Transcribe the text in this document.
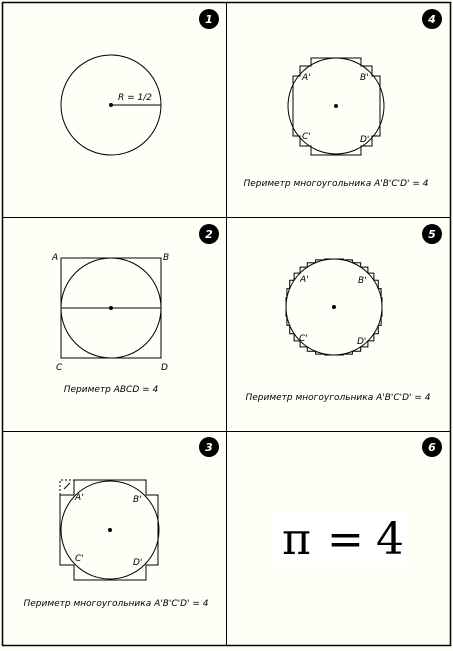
1
R = 1/2
2
A	B
C	D
Периметр ABCD = 4
3
A'	B'
C'	D'
Периметр многоугольника A'B'C'D' = 4
4
A'	B'
C'	D'
Периметр многоугольника A'B'C'D' = 4
5
A'	B'
C'	D'
Периметр многоугольника A'B'C'D' = 4
6
π = 4
